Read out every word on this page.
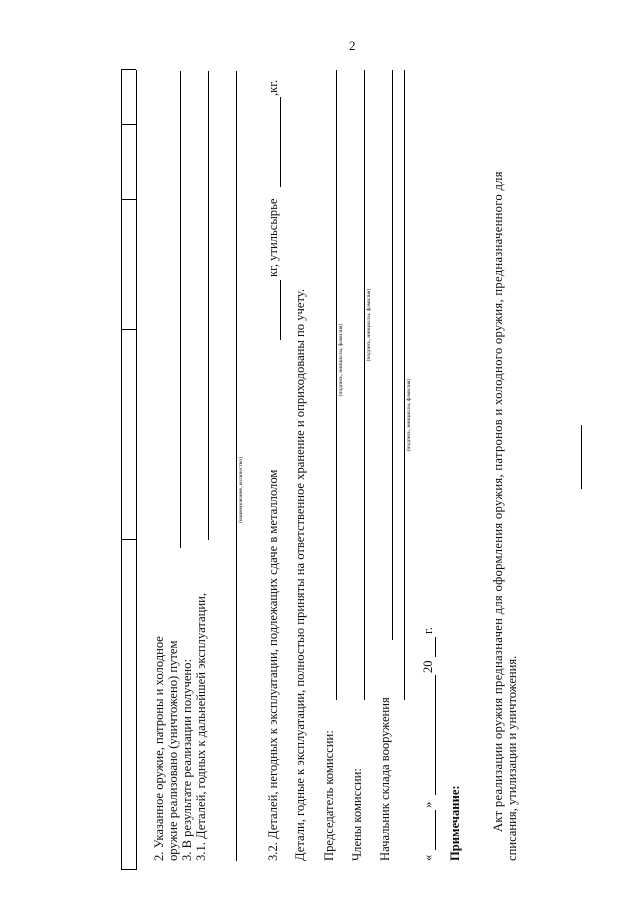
2
2. Указанное оружие, патроны и холодное оружие реализовано (уничтожено) путем 3. В результате реализации получено: 3.1. Деталей, годных к дальнейшей эксплуатации,
(наименование, количество) 3.2. Деталей, негодных к эксплуатации, подлежащих сдаче в металлолом
кг, утильсырье
,кг.
Детали, годные к эксплуатации, полностью приняты на ответственное хранение и оприходованы по учету. Председатель комиссии:
(подпись, инициалы, фамилия)
Члены комиссии:
(подпись, инициалы, фамилия)
Начальник склада вооружения
(подпись, инициалы, фамилия)
«
»
20
г.
Примечание: Акт реализации оружия предназначен для оформления оружия, патронов и холодного оружия, предназначенного для списания, утилизации и уничтожения.
